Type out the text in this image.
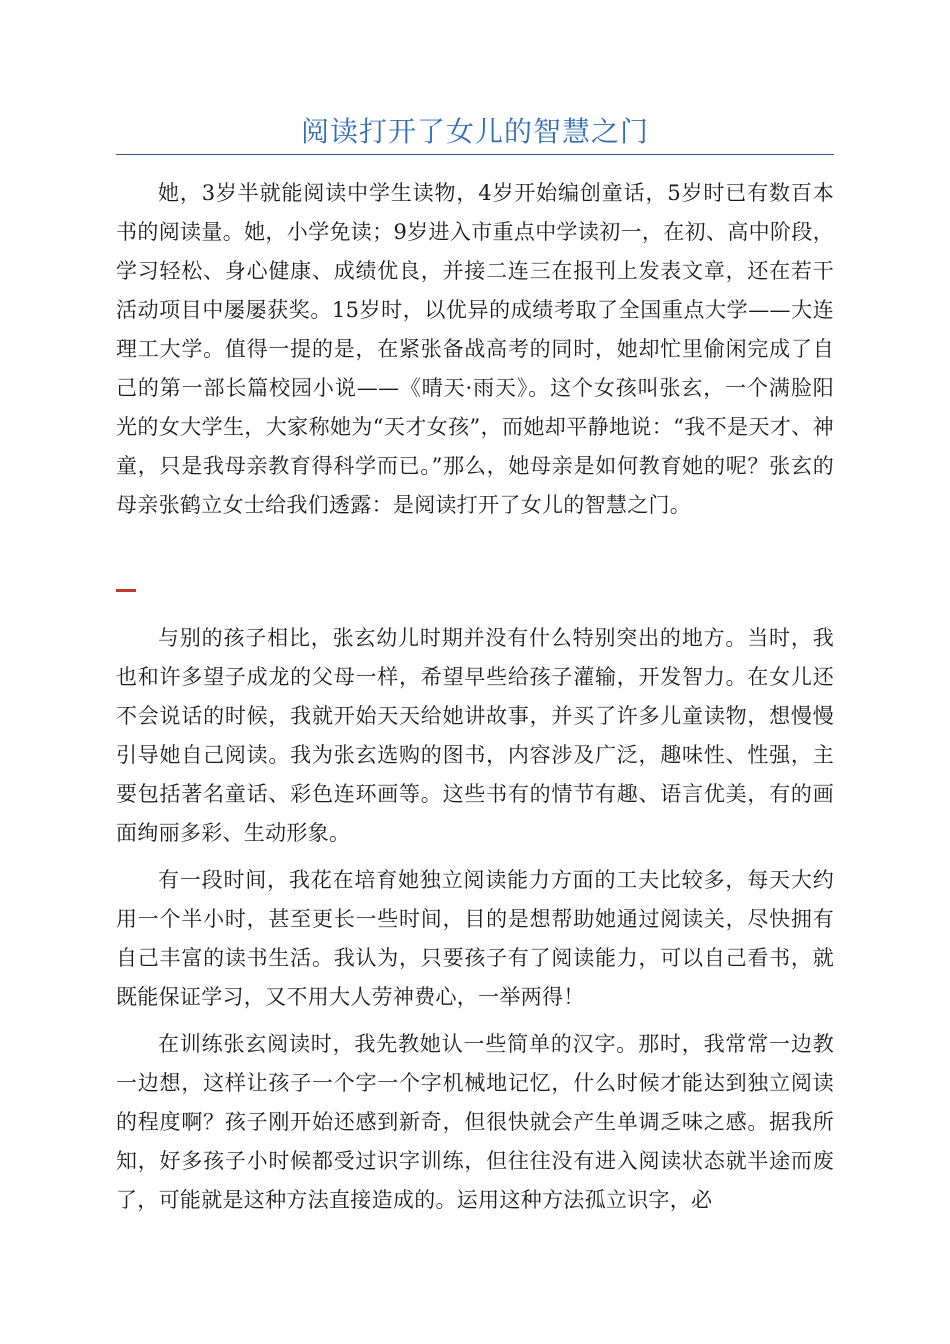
阅读打开了女儿的智慧之门

她，3岁半就能阅读中学生读物，4岁开始编创童话，5岁时已有数百本书的阅读量。她，小学免读；9岁进入市重点中学读初一，在初、高中阶段，学习轻松、身心健康、成绩优良，并接二连三在报刊上发表文章，还在若干活动项目中屡屡获奖。15岁时，以优异的成绩考取了全国重点大学——大连理工大学。值得一提的是，在紧张备战高考的同时，她却忙里偷闲完成了自己的第一部长篇校园小说——《晴天·雨天》。这个女孩叫张玄，一个满脸阳光的女大学生，大家称她为“天才女孩”，而她却平静地说：“我不是天才、神童，只是我母亲教育得科学而已。”那么，她母亲是如何教育她的呢？张玄的母亲张鹤立女士给我们透露：是阅读打开了女儿的智慧之门。

与别的孩子相比，张玄幼儿时期并没有什么特别突出的地方。当时，我也和许多望子成龙的父母一样，希望早些给孩子灌输，开发智力。在女儿还不会说话的时候，我就开始天天给她讲故事，并买了许多儿童读物，想慢慢引导她自己阅读。我为张玄选购的图书，内容涉及广泛，趣味性、性强，主要包括著名童话、彩色连环画等。这些书有的情节有趣、语言优美，有的画面绚丽多彩、生动形象。

有一段时间，我花在培育她独立阅读能力方面的工夫比较多，每天大约用一个半小时，甚至更长一些时间，目的是想帮助她通过阅读关，尽快拥有自己丰富的读书生活。我认为，只要孩子有了阅读能力，可以自己看书，就既能保证学习，又不用大人劳神费心，一举两得！

在训练张玄阅读时，我先教她认一些简单的汉字。那时，我常常一边教一边想，这样让孩子一个字一个字机械地记忆，什么时候才能达到独立阅读的程度啊？孩子刚开始还感到新奇，但很快就会产生单调乏味之感。据我所知，好多孩子小时候都受过识字训练，但往往没有进入阅读状态就半途而废了，可能就是这种方法直接造成的。运用这种方法孤立识字，必
